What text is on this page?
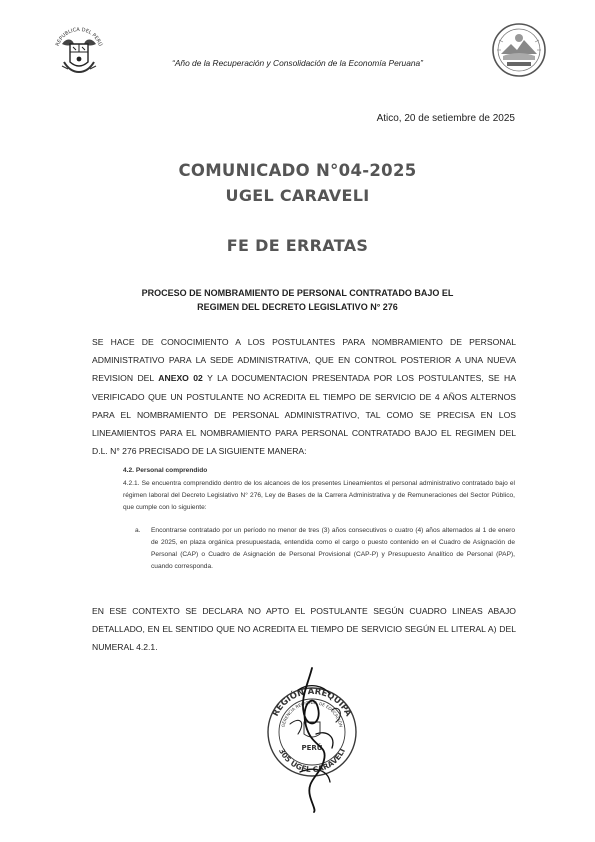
REPUBLICA DEL PERÚ
“Año de la Recuperación y Consolidación de la Economía Peruana”
Atico, 20 de setiembre de 2025
COMUNICADO N°04-2025
UGEL CARAVELI
FE DE ERRATAS
PROCESO DE NOMBRAMIENTO DE PERSONAL CONTRATADO BAJO EL
REGIMEN DEL DECRETO LEGISLATIVO N° 276
SE HACE DE CONOCIMIENTO A LOS POSTULANTES PARA NOMBRAMIENTO DE PERSONAL ADMINISTRATIVO PARA LA SEDE ADMINISTRATIVA, QUE EN CONTROL POSTERIOR A UNA NUEVA REVISION DEL ANEXO 02 Y LA DOCUMENTACION PRESENTADA POR LOS POSTULANTES, SE HA VERIFICADO QUE UN POSTULANTE NO ACREDITA EL TIEMPO DE SERVICIO DE 4 AÑOS ALTERNOS PARA EL NOMBRAMIENTO DE PERSONAL ADMINISTRATIVO, TAL COMO SE PRECISA EN LOS LINEAMIENTOS PARA EL NOMBRAMIENTO PARA PERSONAL CONTRATADO BAJO EL REGIMEN DEL D.L. N° 276 PRECISADO DE LA SIGUIENTE MANERA:
4.2. Personal comprendido
4.2.1. Se encuentra comprendido dentro de los alcances de los presentes Lineamientos el personal administrativo contratado bajo el régimen laboral del Decreto Legislativo N° 276, Ley de Bases de la Carrera Administrativa y de Remuneraciones del Sector Público, que cumple con lo siguiente:
a. Encontrarse contratado por un período no menor de tres (3) años consecutivos o cuatro (4) años alternados al 1 de enero de 2025, en plaza orgánica presupuestada, entendida como el cargo o puesto contenido en el Cuadro de Asignación de Personal (CAP) o Cuadro de Asignación de Personal Provisional (CAP-P) y Presupuesto Analítico de Personal (PAP), cuando corresponda.
EN ESE CONTEXTO SE DECLARA NO APTO EL POSTULANTE SEGÚN CUADRO LINEAS ABAJO DETALLADO, EN EL SENTIDO QUE NO ACREDITA EL TIEMPO DE SERVICIO SEGÚN EL LITERAL A) DEL NUMERAL 4.2.1.
REGIÓN AREQUIPA
GERENCIA REGIONAL DE EDUCACIÓN
305 UGEL CARAVELI
PERÚ
